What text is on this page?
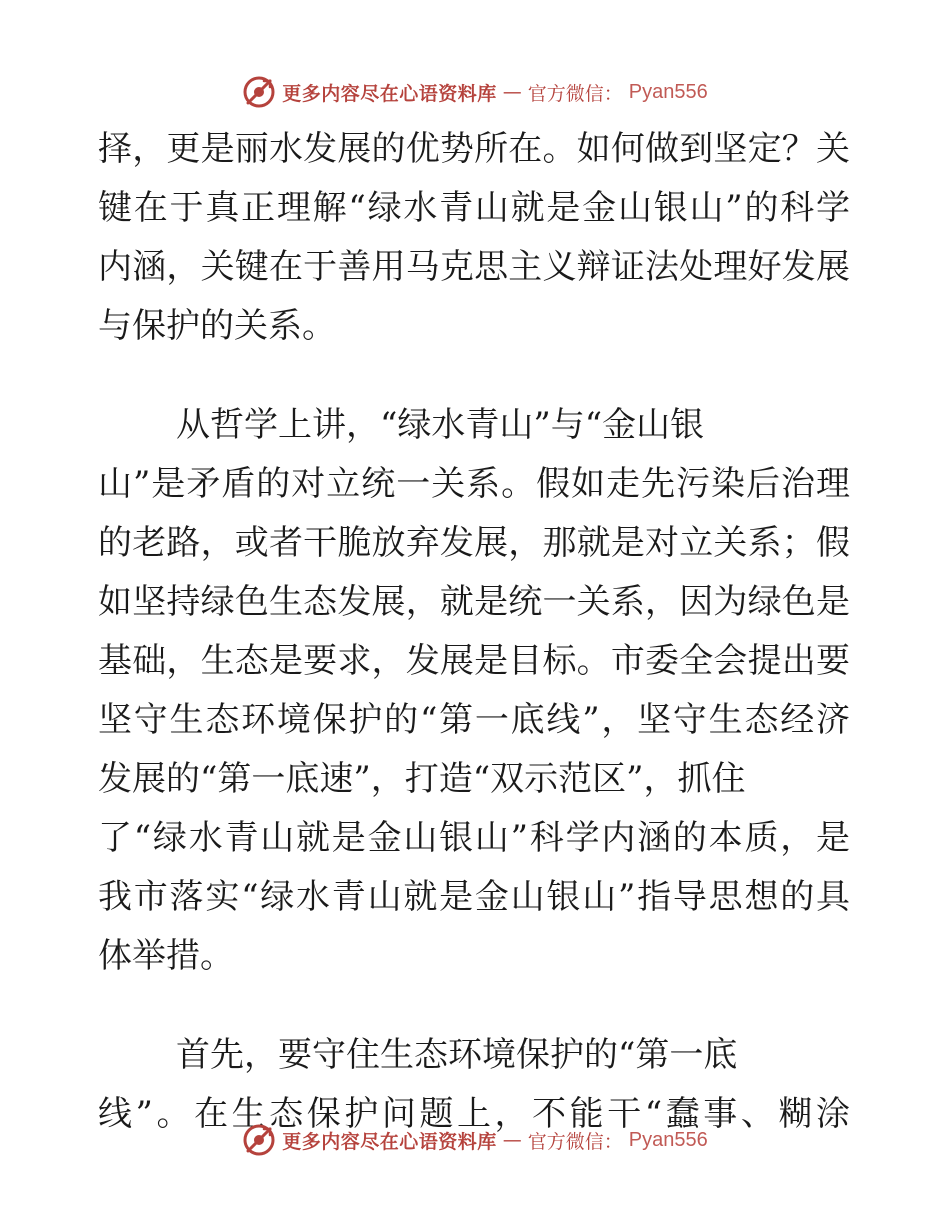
更多内容尽在心语资料库 — 官方微信： Pyan556

择，更是丽水发展的优势所在。如何做到坚定？关
键在于真正理解“绿水青山就是金山银山”的科学
内涵，关键在于善用马克思主义辩证法处理好发展
与保护的关系。

从哲学上讲，“绿水青山”与“金山银
山”是矛盾的对立统一关系。假如走先污染后治理
的老路，或者干脆放弃发展，那就是对立关系；假
如坚持绿色生态发展，就是统一关系，因为绿色是
基础，生态是要求，发展是目标。市委全会提出要
坚守生态环境保护的“第一底线”，坚守生态经济
发展的“第一底速”，打造“双示范区”，抓住
了“绿水青山就是金山银山”科学内涵的本质，是
我市落实“绿水青山就是金山银山”指导思想的具
体举措。

首先，要守住生态环境保护的“第一底
线”。在生态保护问题上，不能干“蠢事、糊涂

更多内容尽在心语资料库 — 官方微信： Pyan556
